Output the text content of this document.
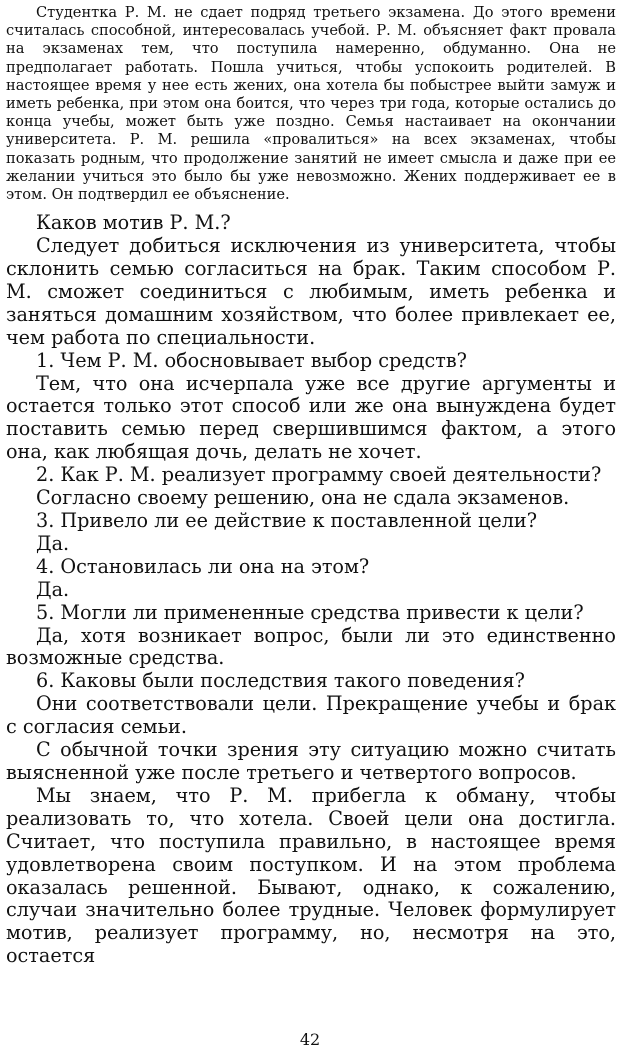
Студентка Р. М. не сдает подряд третьего экзамена. До этого времени считалась способной, интересовалась учебой. Р. М. объясняет факт провала на экзаменах тем, что поступила намеренно, обдуманно. Она не предполагает работать. Пошла учиться, чтобы успокоить родителей. В настоящее время у нее есть жених, она хотела бы побыстрее выйти замуж и иметь ребенка, при этом она боится, что через три года, которые остались до конца учебы, может быть уже поздно. Семья настаивает на окончании университета. Р. М. решила «провалиться» на всех экзаменах, чтобы показать родным, что продолжение занятий не имеет смысла и даже при ее желании учиться это было бы уже невозможно. Жених поддерживает ее в этом. Он подтвердил ее объяснение.

Каков мотив Р. М.?

Следует добиться исключения из университета, чтобы склонить семью согласиться на брак. Таким способом Р. М. сможет соединиться с любимым, иметь ребенка и заняться домашним хозяйством, что более привлекает ее, чем работа по специальности.

1. Чем Р. М. обосновывает выбор средств?

Тем, что она исчерпала уже все другие аргументы и остается только этот способ или же она вынуждена будет поставить семью перед свершившимся фактом, а этого она, как любящая дочь, делать не хочет.

2. Как Р. М. реализует программу своей деятельности?

Согласно своему решению, она не сдала экзаменов.

3. Привело ли ее действие к поставленной цели?

Да.

4. Остановилась ли она на этом?

Да.

5. Могли ли примененные средства привести к цели?

Да, хотя возникает вопрос, были ли это единственно возможные средства.

6. Каковы были последствия такого поведения?

Они соответствовали цели. Прекращение учебы и брак с согласия семьи.

С обычной точки зрения эту ситуацию можно считать выясненной уже после третьего и четвертого вопросов.

Мы знаем, что Р. М. прибегла к обману, чтобы реализовать то, что хотела. Своей цели она достигла. Считает, что поступила правильно, в настоящее время удовлетворена своим поступком. И на этом проблема оказалась решенной. Бывают, однако, к сожалению, случаи значительно более трудные. Человек формулирует мотив, реализует программу, но, несмотря на это, остается

42
